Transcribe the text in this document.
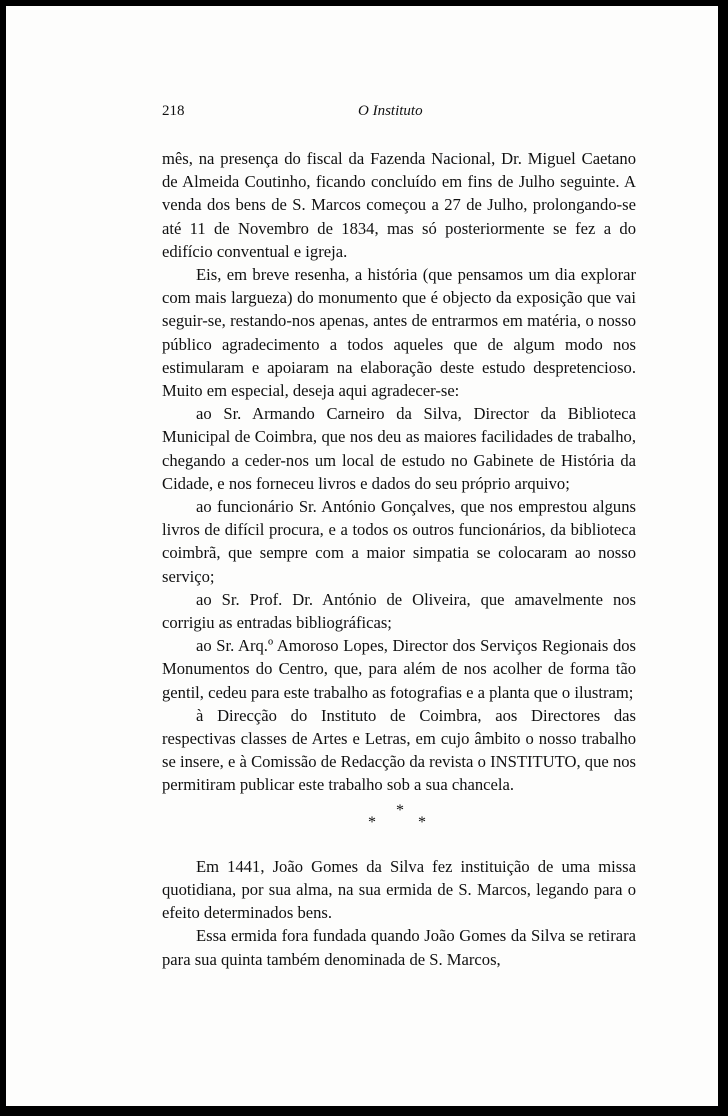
218	O Instituto

mês, na presença do fiscal da Fazenda Nacional, Dr. Miguel Caetano de Almeida Coutinho, ficando concluído em fins de Julho seguinte. A venda dos bens de S. Marcos começou a 27 de Julho, prolongando-se até 11 de Novembro de 1834, mas só posteriormente se fez a do edifício conventual e igreja.

Eis, em breve resenha, a história (que pensamos um dia explorar com mais largueza) do monumento que é objecto da exposição que vai seguir-se, restando-nos apenas, antes de entrarmos em matéria, o nosso público agradecimento a todos aqueles que de algum modo nos estimularam e apoiaram na elaboração deste estudo despretencioso. Muito em especial, deseja aqui agradecer-se:

ao Sr. Armando Carneiro da Silva, Director da Biblioteca Municipal de Coimbra, que nos deu as maiores facilidades de trabalho, chegando a ceder-nos um local de estudo no Gabinete de História da Cidade, e nos forneceu livros e dados do seu próprio arquivo;

ao funcionário Sr. António Gonçalves, que nos emprestou alguns livros de difícil procura, e a todos os outros funcionários, da biblioteca coimbrã, que sempre com a maior simpatia se colocaram ao nosso serviço;

ao Sr. Prof. Dr. António de Oliveira, que amavelmente nos corrigiu as entradas bibliográficas;

ao Sr. Arq.º Amoroso Lopes, Director dos Serviços Regionais dos Monumentos do Centro, que, para além de nos acolher de forma tão gentil, cedeu para este trabalho as fotografias e a planta que o ilustram;

à Direcção do Instituto de Coimbra, aos Directores das respectivas classes de Artes e Letras, em cujo âmbito o nosso trabalho se insere, e à Comissão de Redacção da revista o INSTITUTO, que nos permitiram publicar este trabalho sob a sua chancela.

*
*	*

Em 1441, João Gomes da Silva fez instituição de uma missa quotidiana, por sua alma, na sua ermida de S. Marcos, legando para o efeito determinados bens.

Essa ermida fora fundada quando João Gomes da Silva se retirara para sua quinta também denominada de S. Marcos,
